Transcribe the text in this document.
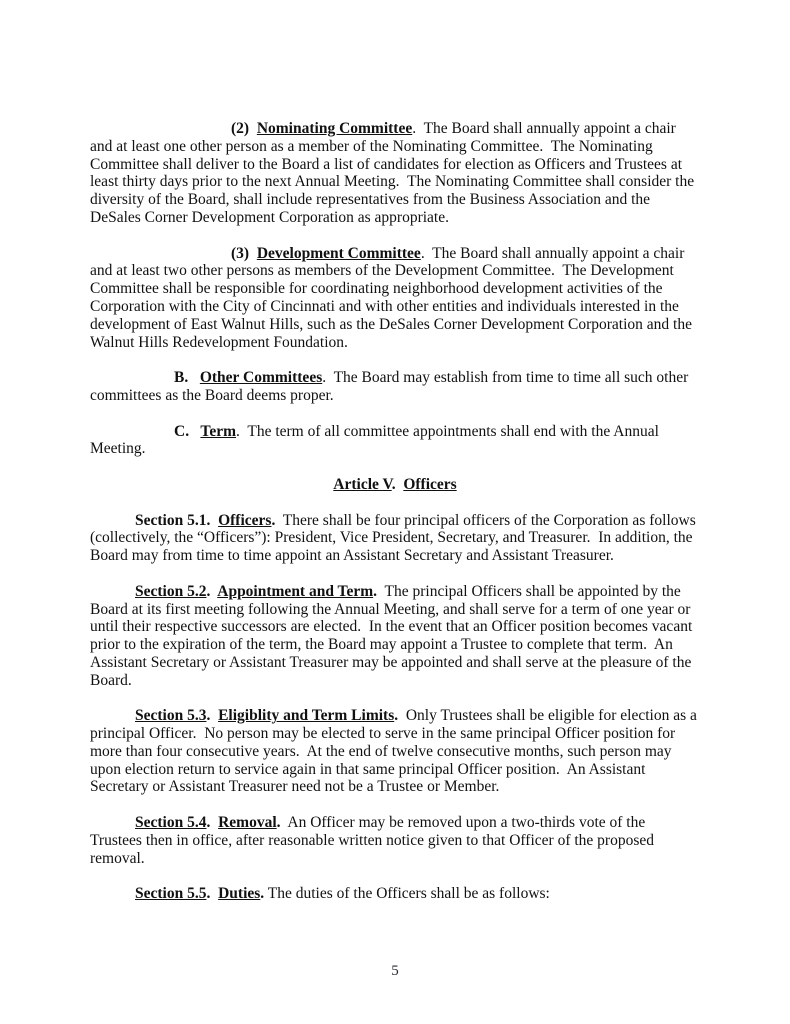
(2)  Nominating Committee.  The Board shall annually appoint a chair and at least one other person as a member of the Nominating Committee.  The Nominating Committee shall deliver to the Board a list of candidates for election as Officers and Trustees at least thirty days prior to the next Annual Meeting.  The Nominating Committee shall consider the diversity of the Board, shall include representatives from the Business Association and the DeSales Corner Development Corporation as appropriate.

(3)  Development Committee.  The Board shall annually appoint a chair and at least two other persons as members of the Development Committee.  The Development Committee shall be responsible for coordinating neighborhood development activities of the Corporation with the City of Cincinnati and with other entities and individuals interested in the development of East Walnut Hills, such as the DeSales Corner Development Corporation and the Walnut Hills Redevelopment Foundation.

B.   Other Committees.  The Board may establish from time to time all such other committees as the Board deems proper.

C.   Term.  The term of all committee appointments shall end with the Annual Meeting.

Article V.  Officers

Section 5.1.  Officers.  There shall be four principal officers of the Corporation as follows (collectively, the “Officers”): President, Vice President, Secretary, and Treasurer.  In addition, the Board may from time to time appoint an Assistant Secretary and Assistant Treasurer.

Section 5.2.  Appointment and Term.  The principal Officers shall be appointed by the Board at its first meeting following the Annual Meeting, and shall serve for a term of one year or until their respective successors are elected.  In the event that an Officer position becomes vacant prior to the expiration of the term, the Board may appoint a Trustee to complete that term.  An Assistant Secretary or Assistant Treasurer may be appointed and shall serve at the pleasure of the Board.

Section 5.3.  Eligiblity and Term Limits.  Only Trustees shall be eligible for election as a principal Officer.  No person may be elected to serve in the same principal Officer position for more than four consecutive years.  At the end of twelve consecutive months, such person may upon election return to service again in that same principal Officer position.  An Assistant Secretary or Assistant Treasurer need not be a Trustee or Member.

Section 5.4.  Removal.  An Officer may be removed upon a two-thirds vote of the Trustees then in office, after reasonable written notice given to that Officer of the proposed removal.

Section 5.5.  Duties. The duties of the Officers shall be as follows:

5
